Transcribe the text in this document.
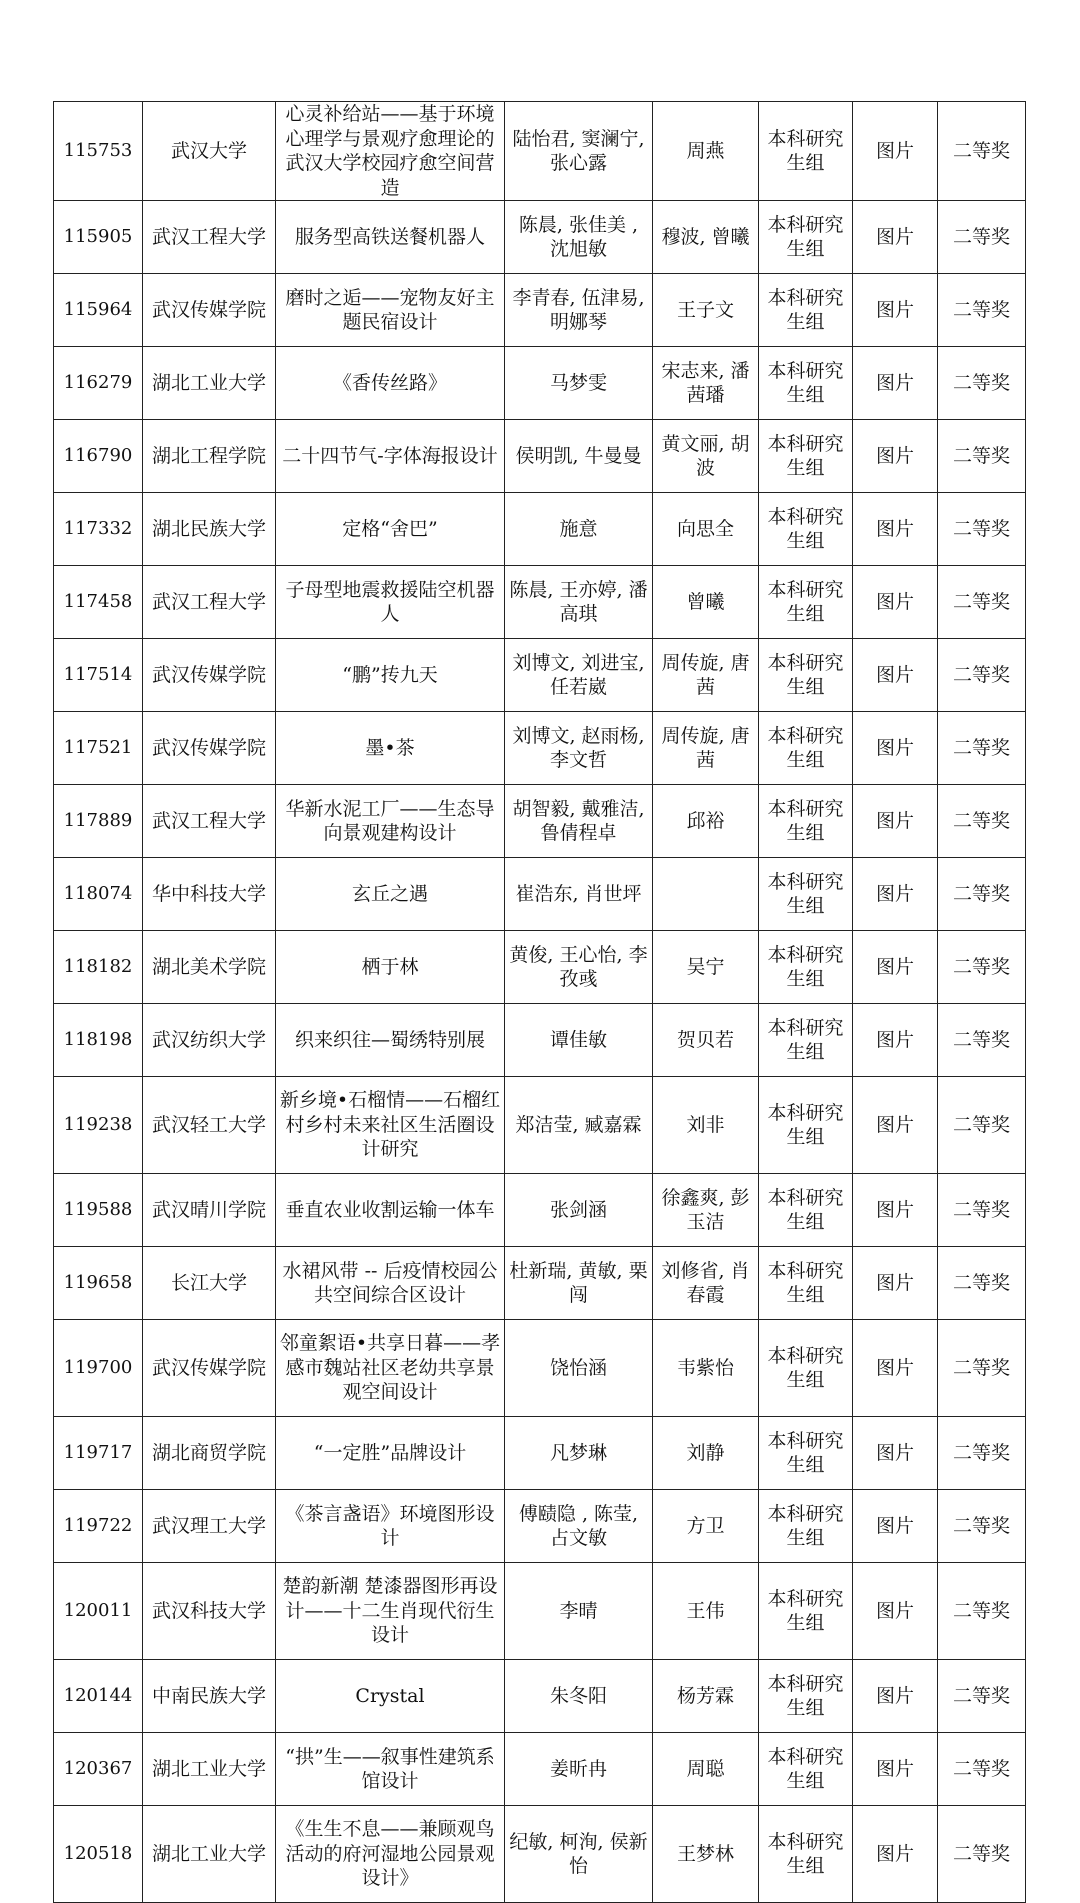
115753	武汉大学	心灵补给站——基于环境心理学与景观疗愈理论的武汉大学校园疗愈空间营造	陆怡君, 窦澜宁, 张心露	周燕	本科研究生组	图片	二等奖
115905	武汉工程大学	服务型高铁送餐机器人	陈晨, 张佳美 , 沈旭敏	穆波, 曾曦	本科研究生组	图片	二等奖
115964	武汉传媒学院	磨时之逅——宠物友好主题民宿设计	李青春, 伍津易, 明娜琴	王子文	本科研究生组	图片	二等奖
116279	湖北工业大学	《香传丝路》	马梦雯	宋志来, 潘茜璠	本科研究生组	图片	二等奖
116790	湖北工程学院	二十四节气-字体海报设计	侯明凯, 牛曼曼	黄文丽, 胡波	本科研究生组	图片	二等奖
117332	湖北民族大学	定格“舍巴”	施意	向思全	本科研究生组	图片	二等奖
117458	武汉工程大学	子母型地震救援陆空机器人	陈晨, 王亦婷, 潘高琪	曾曦	本科研究生组	图片	二等奖
117514	武汉传媒学院	“鹏”抟九天	刘博文, 刘进宝, 任若崴	周传旋, 唐茜	本科研究生组	图片	二等奖
117521	武汉传媒学院	墨•茶	刘博文, 赵雨杨, 李文哲	周传旋, 唐茜	本科研究生组	图片	二等奖
117889	武汉工程大学	华新水泥工厂——生态导向景观建构设计	胡智毅, 戴雅洁, 鲁倩程卓	邱裕	本科研究生组	图片	二等奖
118074	华中科技大学	玄丘之遇	崔浩东, 肖世坪		本科研究生组	图片	二等奖
118182	湖北美术学院	栖于林	黄俊, 王心怡, 李孜彧	吴宁	本科研究生组	图片	二等奖
118198	武汉纺织大学	织来织往—蜀绣特别展	谭佳敏	贺贝若	本科研究生组	图片	二等奖
119238	武汉轻工大学	新乡境•石榴情——石榴红村乡村未来社区生活圈设计研究	郑洁莹, 臧嘉霖	刘非	本科研究生组	图片	二等奖
119588	武汉晴川学院	垂直农业收割运输一体车	张剑涵	徐鑫爽, 彭玉洁	本科研究生组	图片	二等奖
119658	长江大学	水裙风带 -- 后疫情校园公共空间综合区设计	杜新瑞, 黄敏, 栗闯	刘修省, 肖春霞	本科研究生组	图片	二等奖
119700	武汉传媒学院	邻童絮语•共享日暮——孝感市魏站社区老幼共享景观空间设计	饶怡涵	韦紫怡	本科研究生组	图片	二等奖
119717	湖北商贸学院	“一定胜”品牌设计	凡梦琳	刘静	本科研究生组	图片	二等奖
119722	武汉理工大学	《茶言盏语》环境图形设计	傅赜隐 , 陈莹, 占文敏	方卫	本科研究生组	图片	二等奖
120011	武汉科技大学	楚韵新潮 楚漆器图形再设计——十二生肖现代衍生设计	李晴	王伟	本科研究生组	图片	二等奖
120144	中南民族大学	Crystal	朱冬阳	杨芳霖	本科研究生组	图片	二等奖
120367	湖北工业大学	“拱”生——叙事性建筑系馆设计	姜昕冉	周聪	本科研究生组	图片	二等奖
120518	湖北工业大学	《生生不息——兼顾观鸟活动的府河湿地公园景观设计》	纪敏, 柯洵, 侯新怡	王梦林	本科研究生组	图片	二等奖
